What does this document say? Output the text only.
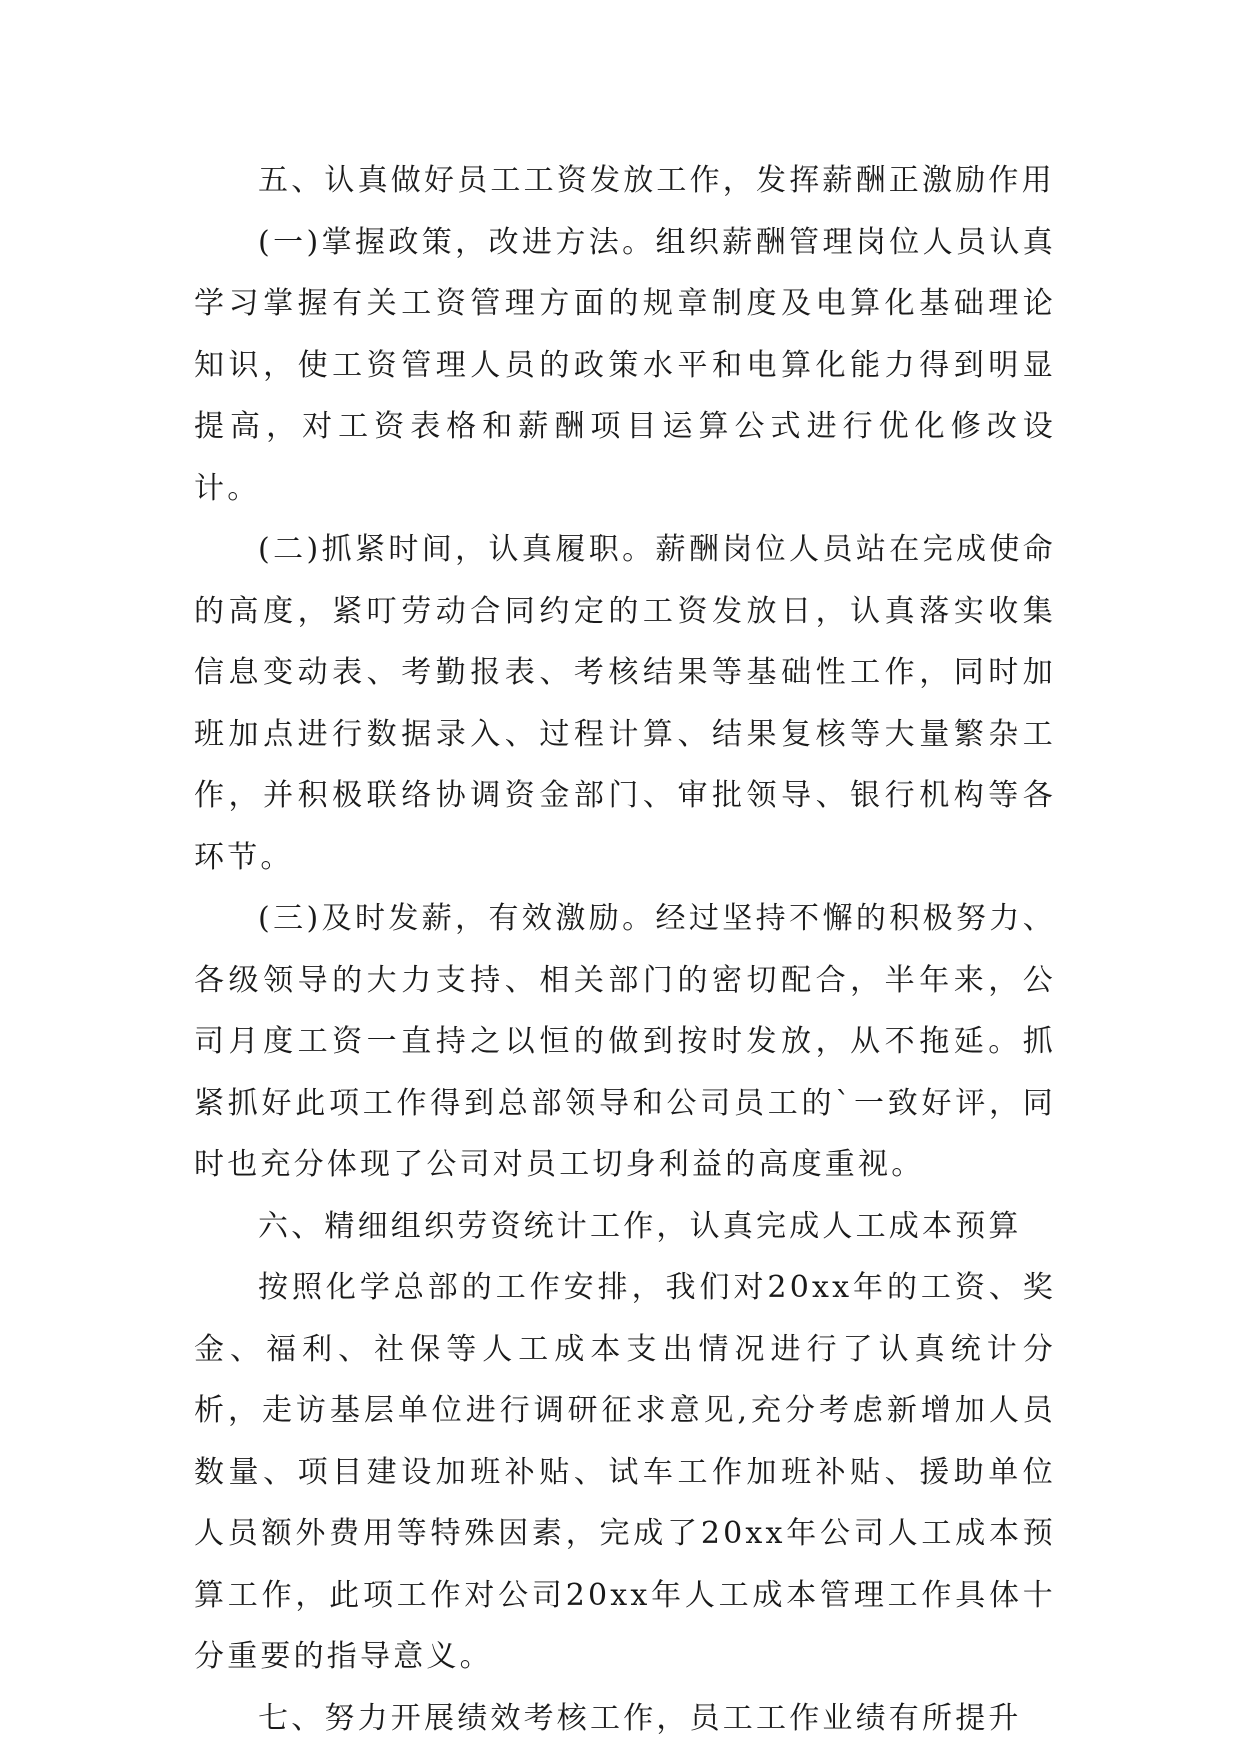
五、认真做好员工工资发放工作，发挥薪酬正激励作用

(一)掌握政策，改进方法。组织薪酬管理岗位人员认真学习掌握有关工资管理方面的规章制度及电算化基础理论知识，使工资管理人员的政策水平和电算化能力得到明显提高，对工资表格和薪酬项目运算公式进行优化修改设计。

(二)抓紧时间，认真履职。薪酬岗位人员站在完成使命的高度，紧叮劳动合同约定的工资发放日，认真落实收集信息变动表、考勤报表、考核结果等基础性工作，同时加班加点进行数据录入、过程计算、结果复核等大量繁杂工作，并积极联络协调资金部门、审批领导、银行机构等各环节。

(三)及时发薪，有效激励。经过坚持不懈的积极努力、各级领导的大力支持、相关部门的密切配合，半年来，公司月度工资一直持之以恒的做到按时发放，从不拖延。抓紧抓好此项工作得到总部领导和公司员工的`一致好评，同时也充分体现了公司对员工切身利益的高度重视。

六、精细组织劳资统计工作，认真完成人工成本预算

按照化学总部的工作安排，我们对20xx年的工资、奖金、福利、社保等人工成本支出情况进行了认真统计分析，走访基层单位进行调研征求意见,充分考虑新增加人员数量、项目建设加班补贴、试车工作加班补贴、援助单位人员额外费用等特殊因素，完成了20xx年公司人工成本预算工作，此项工作对公司20xx年人工成本管理工作具体十分重要的指导意义。

七、努力开展绩效考核工作，员工工作业绩有所提升
